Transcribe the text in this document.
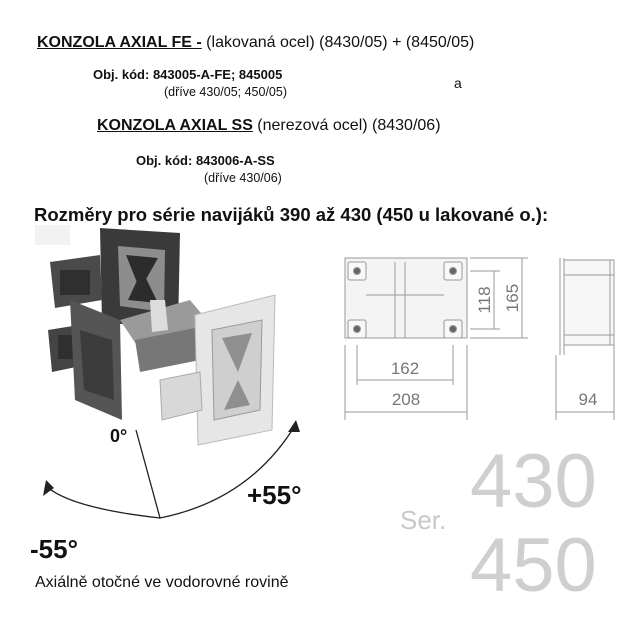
KONZOLA AXIAL FE - (lakovaná ocel) (8430/05) + (8450/05)
Obj. kód: 843005-A-FE; 845005
(dříve 430/05; 450/05)
a
KONZOLA AXIAL SS (nerezová ocel) (8430/06)
Obj. kód: 843006-A-SS
(dříve 430/06)
Rozměry pro série navijáků 390 až 430 (450 u lakované o.):
162
208
118 165
94
0°
+55°
-55°
Ser. 430
450
Axiálně otočné ve vodorovné rovině
